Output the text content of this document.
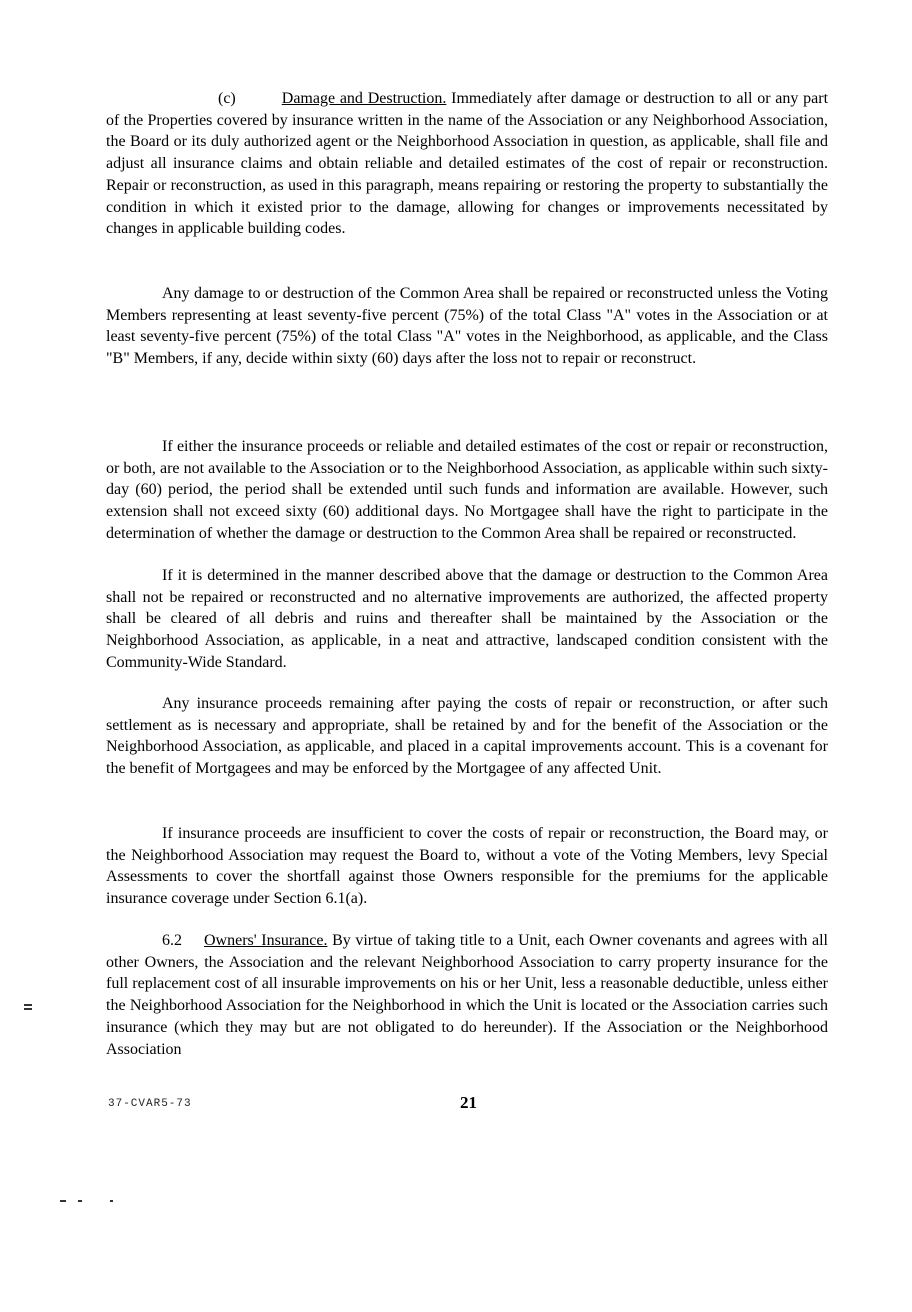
(c)	Damage and Destruction. Immediately after damage or destruction to all or any part of the Properties covered by insurance written in the name of the Association or any Neighborhood Association, the Board or its duly authorized agent or the Neighborhood Association in question, as applicable, shall file and adjust all insurance claims and obtain reliable and detailed estimates of the cost of repair or reconstruction. Repair or reconstruction, as used in this paragraph, means repairing or restoring the property to substantially the condition in which it existed prior to the damage, allowing for changes or improvements necessitated by changes in applicable building codes.

Any damage to or destruction of the Common Area shall be repaired or reconstructed unless the Voting Members representing at least seventy-five percent (75%) of the total Class "A" votes in the Association or at least seventy-five percent (75%) of the total Class "A" votes in the Neighborhood, as applicable, and the Class "B" Members, if any, decide within sixty (60) days after the loss not to repair or reconstruct.

If either the insurance proceeds or reliable and detailed estimates of the cost or repair or reconstruction, or both, are not available to the Association or to the Neighborhood Association, as applicable within such sixty-day (60) period, the period shall be extended until such funds and information are available. However, such extension shall not exceed sixty (60) additional days. No Mortgagee shall have the right to participate in the determination of whether the damage or destruction to the Common Area shall be repaired or reconstructed.

If it is determined in the manner described above that the damage or destruction to the Common Area shall not be repaired or reconstructed and no alternative improvements are authorized, the affected property shall be cleared of all debris and ruins and thereafter shall be maintained by the Association or the Neighborhood Association, as applicable, in a neat and attractive, landscaped condition consistent with the Community-Wide Standard.

Any insurance proceeds remaining after paying the costs of repair or reconstruction, or after such settlement as is necessary and appropriate, shall be retained by and for the benefit of the Association or the Neighborhood Association, as applicable, and placed in a capital improvements account. This is a covenant for the benefit of Mortgagees and may be enforced by the Mortgagee of any affected Unit.

If insurance proceeds are insufficient to cover the costs of repair or reconstruction, the Board may, or the Neighborhood Association may request the Board to, without a vote of the Voting Members, levy Special Assessments to cover the shortfall against those Owners responsible for the premiums for the applicable insurance coverage under Section 6.1(a).

6.2 Owners' Insurance. By virtue of taking title to a Unit, each Owner covenants and agrees with all other Owners, the Association and the relevant Neighborhood Association to carry property insurance for the full replacement cost of all insurable improvements on his or her Unit, less a reasonable deductible, unless either the Neighborhood Association for the Neighborhood in which the Unit is located or the Association carries such insurance (which they may but are not obligated to do hereunder). If the Association or the Neighborhood Association

37-CVAR5-73	21
